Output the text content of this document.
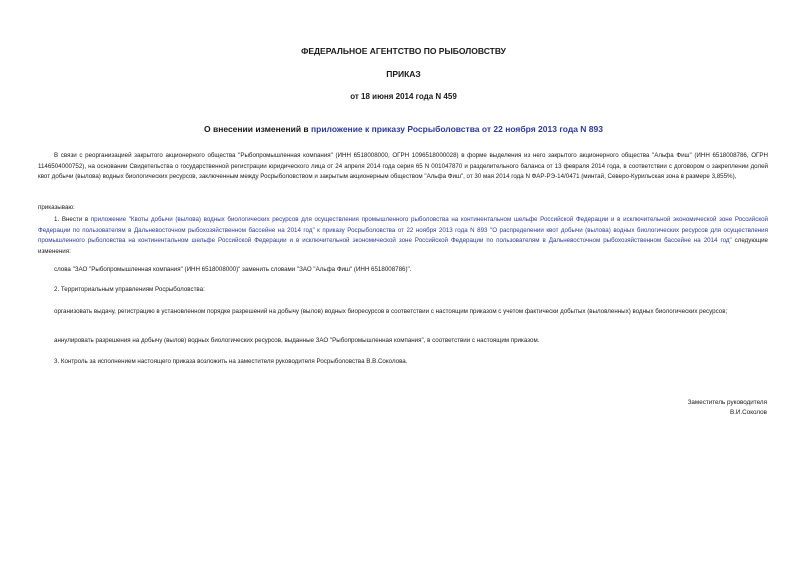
ФЕДЕРАЛЬНОЕ АГЕНТСТВО ПО РЫБОЛОВСТВУ
ПРИКАЗ
от 18 июня 2014 года N 459
О внесении изменений в приложение к приказу Росрыболовства от 22 ноября 2013 года N 893
В связи с реорганизацией закрытого акционерного общества "Рыбопромышленная компания" (ИНН 6518008000, ОГРН 1096518000028) в форме выделения из него закрытого акционерного общества "Альфа Фиш" (ИНН 6518008786, ОГРН 1146504000752), на основании Свидетельства о государственной регистрации юридического лица от 24 апреля 2014 года серия 65 N 001047870 и разделительного баланса от 13 февраля 2014 года, в соответствии с договором о закреплении долей квот добычи (вылова) водных биологических ресурсов, заключенным между Росрыболовством и закрытым акционерным обществом "Альфа Фиш", от 30 мая 2014 года N ФАР-РЭ-14/0471 (минтай, Северо-Курильская зона в размере 3,855%),
приказываю:
1. Внести в приложение "Квоты добычи (вылова) водных биологических ресурсов для осуществления промышленного рыболовства на континентальном шельфе Российской Федерации и в исключительной экономической зоне Российской Федерации по пользователям в Дальневосточном рыбохозяйственном бассейне на 2014 год" к приказу Росрыболовства от 22 ноября 2013 года N 893 "О распределении квот добычи (вылова) водных биологических ресурсов для осуществления промышленного рыболовства на континентальном шельфе Российской Федерации и в исключительной экономической зоне Российской Федерации по пользователям в Дальневосточном рыбохозяйственном бассейне на 2014 год" следующие изменения:
слова "ЗАО "Рыбопромышленная компания" (ИНН 6518008000)" заменить словами "ЗАО "Альфа Фиш" (ИНН 6518008786)".
2. Территориальным управлениям Росрыболовства:
организовать выдачу, регистрацию в установленном порядке разрешений на добычу (вылов) водных биоресурсов в соответствии с настоящим приказом с учетом фактически добытых (выловленных) водных биологических ресурсов;
аннулировать разрешения на добычу (вылов) водных биологических ресурсов, выданные ЗАО "Рыбопромышленная компания", в соответствии с настоящим приказом.
3. Контроль за исполнением настоящего приказа возложить на заместителя руководителя Росрыболовства В.В.Соколова.
Заместитель руководителя
В.И.Соколов
